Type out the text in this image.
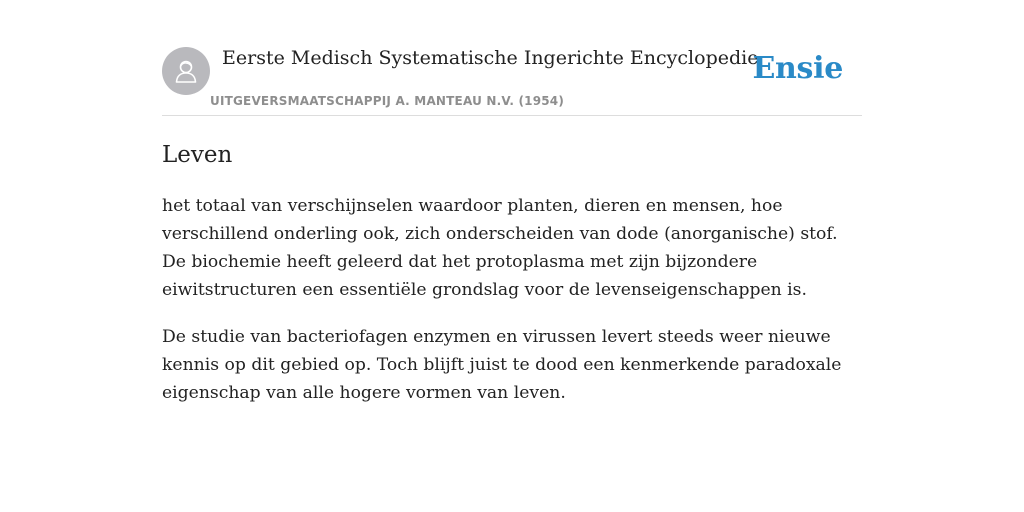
Eerste Medisch Systematische Ingerichte Encyclopedie
UITGEVERSMAATSCHAPPIJ A. MANTEAU N.V. (1954)
Ensie
Leven

het totaal van verschijnselen waardoor planten, dieren en mensen, hoe verschillend onderling ook, zich onderscheiden van dode (anorganische) stof. De biochemie heeft geleerd dat het protoplasma met zijn bijzondere eiwitstructuren een essentiële grondslag voor de levenseigenschappen is.

De studie van bacteriofagen enzymen en virussen levert steeds weer nieuwe kennis op dit gebied op. Toch blijft juist te dood een kenmerkende paradoxale eigenschap van alle hogere vormen van leven.
